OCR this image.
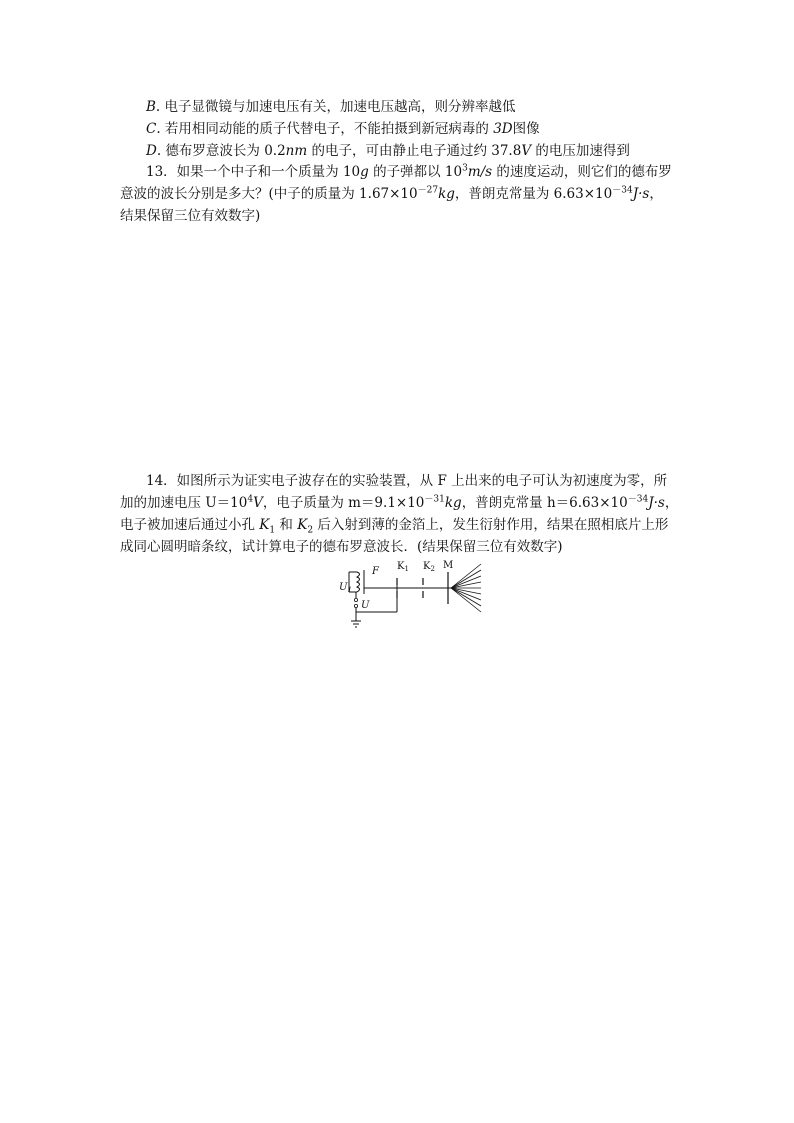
B. 电子显微镜与加速电压有关，加速电压越高，则分辨率越低
C. 若用相同动能的质子代替电子，不能拍摄到新冠病毒的 3D图像
D. 德布罗意波长为 0.2nm 的电子，可由静止电子通过约 37.8V 的电压加速得到
13．如果一个中子和一个质量为 10g 的子弹都以 $10^3m/s$ 的速度运动，则它们的德布罗
意波的波长分别是多大？(中子的质量为 $1.67\times 10^{-27}kg$，普朗克常量为 $6.63\times 10^{-34}J\cdot s$，
结果保留三位有效数字)
14．如图所示为证实电子波存在的实验装置，从 F 上出来的电子可认为初速度为零，所
加的加速电压 $U=10^4V$，电子质量为 $m=9.1\times 10^{-31}kg$，普朗克常量 $h=6.63\times 10^{-34}J\cdot s$，
电子被加速后通过小孔 $K_1$ 和 $K_2$ 后入射到薄的金箔上，发生衍射作用，结果在照相底片上形
成同心圆明暗条纹，试计算电子的德布罗意波长．(结果保留三位有效数字)
F $K_1$ $K_2$ M
$U_1$
U
